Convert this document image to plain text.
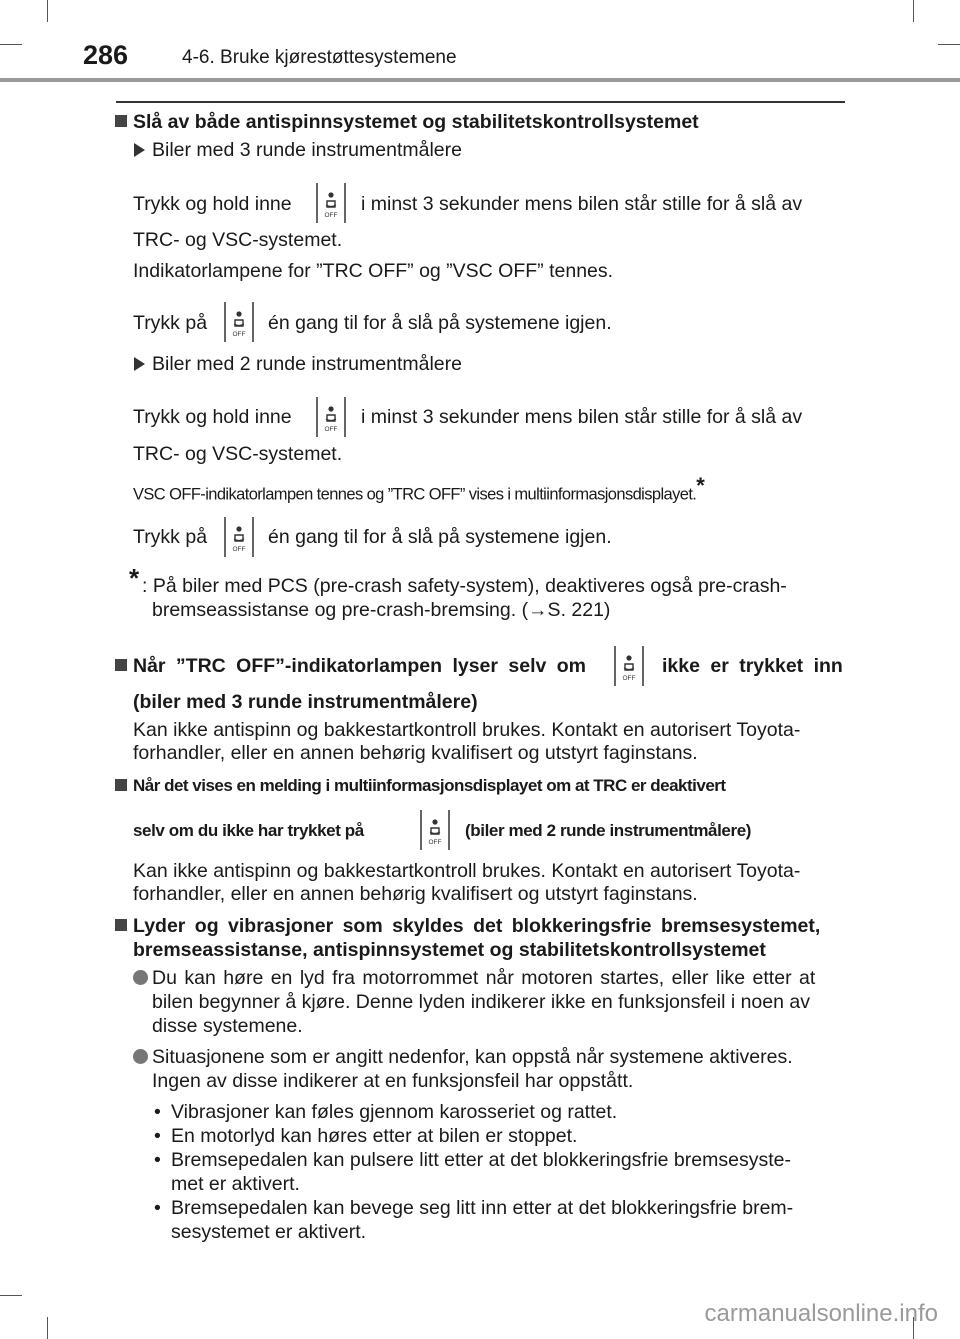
286	4-6. Bruke kjørestøttesystemene
Slå av både antispinnsystemet og stabilitetskontrollsystemet
Biler med 3 runde instrumentmålere
Trykk og hold inne
OFF
i minst 3 sekunder mens bilen står stille for å slå av
TRC- og VSC-systemet.
Indikatorlampene for ”TRC OFF” og ”VSC OFF” tennes.
Trykk på
OFF
én gang til for å slå på systemene igjen.
Biler med 2 runde instrumentmålere
Trykk og hold inne
OFF
i minst 3 sekunder mens bilen står stille for å slå av
TRC- og VSC-systemet.
VSC OFF-indikatorlampen tennes og ”TRC OFF” vises i multiinformasjonsdisplayet.*
Trykk på
OFF
én gang til for å slå på systemene igjen.
* : På biler med PCS (pre-crash safety-system), deaktiveres også pre-crash-
bremseassistanse og pre-crash-bremsing. (→S. 221)
Når ”TRC OFF”-indikatorlampen lyser selv om
OFF
ikke er trykket inn
(biler med 3 runde instrumentmålere)
Kan ikke antispinn og bakkestartkontroll brukes. Kontakt en autorisert Toyota-
forhandler, eller en annen behørig kvalifisert og utstyrt faginstans.
Når det vises en melding i multiinformasjonsdisplayet om at TRC er deaktivert
selv om du ikke har trykket på
OFF
(biler med 2 runde instrumentmålere)
Kan ikke antispinn og bakkestartkontroll brukes. Kontakt en autorisert Toyota-
forhandler, eller en annen behørig kvalifisert og utstyrt faginstans.
Lyder og vibrasjoner som skyldes det blokkeringsfrie bremsesystemet,
bremseassistanse, antispinnsystemet og stabilitetskontrollsystemet
Du kan høre en lyd fra motorrommet når motoren startes, eller like etter at
bilen begynner å kjøre. Denne lyden indikerer ikke en funksjonsfeil i noen av
disse systemene.
Situasjonene som er angitt nedenfor, kan oppstå når systemene aktiveres.
Ingen av disse indikerer at en funksjonsfeil har oppstått.
• Vibrasjoner kan føles gjennom karosseriet og rattet.
• En motorlyd kan høres etter at bilen er stoppet.
• Bremsepedalen kan pulsere litt etter at det blokkeringsfrie bremsesyste-
met er aktivert.
• Bremsepedalen kan bevege seg litt inn etter at det blokkeringsfrie brem-
sesystemet er aktivert.
carmanualsonline.info
